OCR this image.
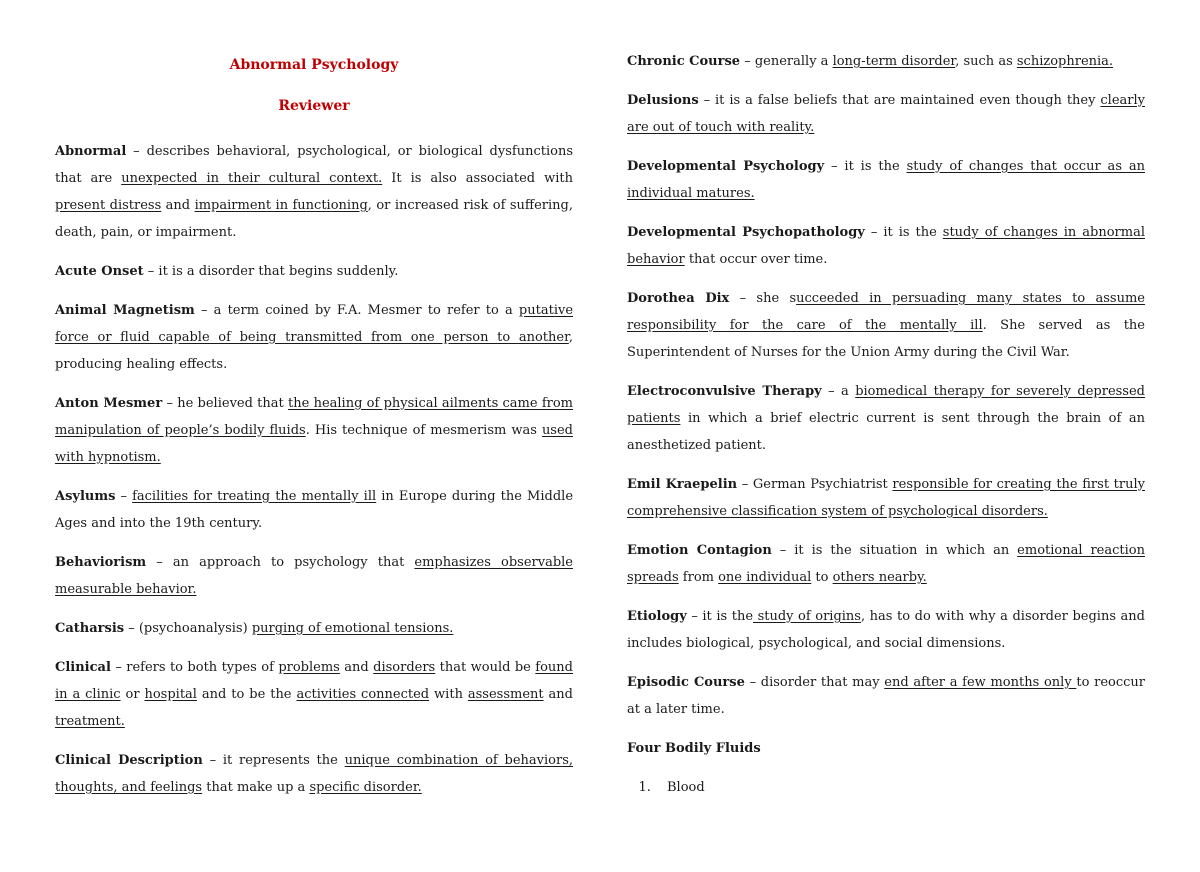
Abnormal Psychology
Reviewer
Abnormal – describes behavioral, psychological, or biological dysfunctions that are unexpected in their cultural context. It is also associated with present distress and impairment in functioning, or increased risk of suffering, death, pain, or impairment.
Acute Onset – it is a disorder that begins suddenly.
Animal Magnetism – a term coined by F.A. Mesmer to refer to a putative force or fluid capable of being transmitted from one person to another, producing healing effects.
Anton Mesmer – he believed that the healing of physical ailments came from manipulation of people’s bodily fluids. His technique of mesmerism was used with hypnotism.
Asylums – facilities for treating the mentally ill in Europe during the Middle Ages and into the 19th century.
Behaviorism – an approach to psychology that emphasizes observable measurable behavior.
Catharsis – (psychoanalysis) purging of emotional tensions.
Clinical – refers to both types of problems and disorders that would be found in a clinic or hospital and to be the activities connected with assessment and treatment.
Clinical Description – it represents the unique combination of behaviors, thoughts, and feelings that make up a specific disorder.
Chronic Course – generally a long-term disorder, such as schizophrenia.
Delusions – it is a false beliefs that are maintained even though they clearly are out of touch with reality.
Developmental Psychology – it is the study of changes that occur as an individual matures.
Developmental Psychopathology – it is the study of changes in abnormal behavior that occur over time.
Dorothea Dix – she succeeded in persuading many states to assume responsibility for the care of the mentally ill. She served as the Superintendent of Nurses for the Union Army during the Civil War.
Electroconvulsive Therapy – a biomedical therapy for severely depressed patients in which a brief electric current is sent through the brain of an anesthetized patient.
Emil Kraepelin – German Psychiatrist responsible for creating the first truly comprehensive classification system of psychological disorders.
Emotion Contagion – it is the situation in which an emotional reaction spreads from one individual to others nearby.
Etiology – it is the study of origins, has to do with why a disorder begins and includes biological, psychological, and social dimensions.
Episodic Course – disorder that may end after a few months only to reoccur at a later time.
Four Bodily Fluids
1. Blood
